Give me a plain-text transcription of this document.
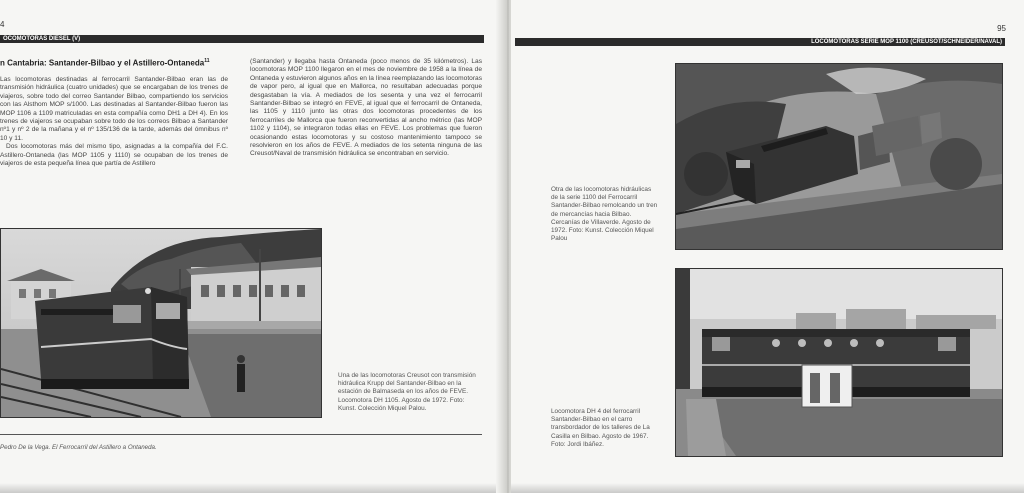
4
OCOMOTORAS DIESEL (V)
n Cantabria: Santander-Bilbao y el Astillero-Ontaneda$^{11}$

Las locomotoras destinadas al ferrocarril Santander-Bilbao eran las de transmisión hidráulica (cuatro unidades) que se encargaban de los trenes de viajeros, sobre todo del correo Santander Bilbao, compartiendo los servicios con las Alsthom MOP s/1000. Las destinadas al Santander-Bilbao fueron las MOP 1106 a 1109 matriculadas en esta compañía como DH1 a DH 4). En los trenes de viajeros se ocupaban sobre todo de los correos Bilbao a Santander nº1 y nº 2 de la mañana y el nº 135/136 de la tarde, además del ómnibus nº 10 y 11.

Dos locomotoras más del mismo tipo, asignadas a la compañía del F.C. Astillero-Ontaneda (las MOP 1105 y 1110) se ocupaban de los trenes de viajeros de esta pequeña línea que partía de Astillero

(Santander) y llegaba hasta Ontaneda (poco menos de 35 kilómetros). Las locomotoras MOP 1100 llegaron en el mes de noviembre de 1958 a la línea de Ontaneda y estuvieron algunos años en la línea reemplazando las locomotoras de vapor pero, al igual que en Mallorca, no resultaban adecuadas porque desgastaban la vía. A mediados de los sesenta y una vez el ferrocarril Santander-Bilbao se integró en FEVE, al igual que el ferrocarril de Ontaneda, las 1105 y 1110 junto las otras dos locomotoras procedentes de los ferrocarriles de Mallorca que fueron reconvertidas al ancho métrico (las MOP 1102 y 1104), se integraron todas ellas en FEVE. Los problemas que fueron ocasionando estas locomotoras y su costoso mantenimiento tampoco se resolvieron en los años de FEVE. A mediados de los setenta ninguna de las Creusot/Naval de transmisión hidráulica se encontraban en servicio.

Una de las locomotoras Creusot con transmisión hidráulica Krupp del Santander-Bilbao en la estación de Balmaseda en los años de FEVE. Locomotora DH 1105. Agosto de 1972. Foto: Kunst. Colección Miquel Palou.
Pedro De la Vega. El Ferrocarril del Astillero a Ontaneda.
95
LOCOMOTORAS SERIE MOP 1100 (CREUSOT/SCHNEIDER/NAVAL)
Otra de las locomotoras hidráulicas de la serie 1100 del Ferrocarril Santander-Bilbao remolcando un tren de mercancías hacia Bilbao. Cercanías de Villaverde. Agosto de 1972. Foto: Kunst. Colección Miquel Palou
Locomotora DH 4 del ferrocarril Santander-Bilbao en el carro transbordador de los talleres de La Casilla en Bilbao. Agosto de 1967. Foto: Jordi Ibáñez.
